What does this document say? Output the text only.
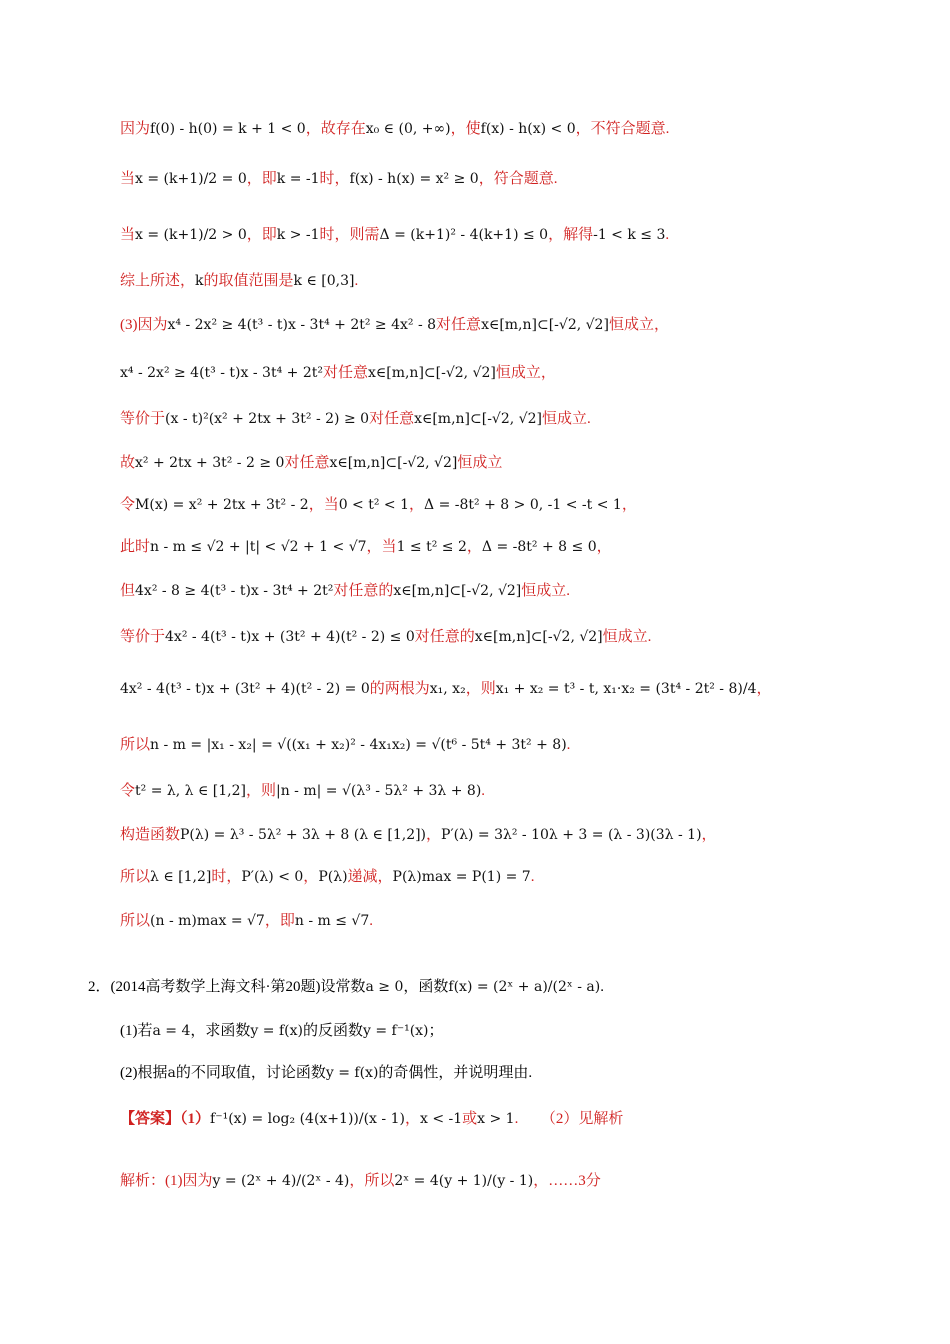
因为f(0) - h(0) = k + 1 < 0，故存在x₀ ∈ (0, +∞)，使f(x) - h(x) < 0，不符合题意.
当x = (k+1)/2 = 0，即k = -1时，f(x) - h(x) = x² ≥ 0，符合题意.
当x = (k+1)/2 > 0，即k > -1时，则需Δ = (k+1)² - 4(k+1) ≤ 0，解得-1 < k ≤ 3.
综上所述，k的取值范围是k ∈ [0,3].
(3)因为x⁴ - 2x² ≥ 4(t³ - t)x - 3t⁴ + 2t² ≥ 4x² - 8对任意x∈[m,n]⊂[-√2, √2]恒成立，
x⁴ - 2x² ≥ 4(t³ - t)x - 3t⁴ + 2t²对任意x∈[m,n]⊂[-√2, √2]恒成立，
等价于(x - t)²(x² + 2tx + 3t² - 2) ≥ 0对任意x∈[m,n]⊂[-√2, √2]恒成立.
故x² + 2tx + 3t² - 2 ≥ 0对任意x∈[m,n]⊂[-√2, √2]恒成立
令M(x) = x² + 2tx + 3t² - 2，当0 < t² < 1，Δ = -8t² + 8 > 0, -1 < -t < 1，
此时n - m ≤ √2 + |t| < √2 + 1 < √7，当1 ≤ t² ≤ 2，Δ = -8t² + 8 ≤ 0，
但4x² - 8 ≥ 4(t³ - t)x - 3t⁴ + 2t²对任意的x∈[m,n]⊂[-√2, √2]恒成立.
等价于4x² - 4(t³ - t)x + (3t² + 4)(t² - 2) ≤ 0对任意的x∈[m,n]⊂[-√2, √2]恒成立.
4x² - 4(t³ - t)x + (3t² + 4)(t² - 2) = 0的两根为x₁, x₂，则x₁ + x₂ = t³ - t, x₁·x₂ = (3t⁴ - 2t² - 8)/4，
所以n - m = |x₁ - x₂| = √((x₁ + x₂)² - 4x₁x₂) = √(t⁶ - 5t⁴ + 3t² + 8).
令t² = λ, λ ∈ [1,2]，则|n - m| = √(λ³ - 5λ² + 3λ + 8).
构造函数P(λ) = λ³ - 5λ² + 3λ + 8 (λ ∈ [1,2])，P′(λ) = 3λ² - 10λ + 3 = (λ - 3)(3λ - 1)，
所以λ ∈ [1,2]时，P′(λ) < 0，P(λ)递减，P(λ)max = P(1) = 7.
所以(n - m)max = √7，即n - m ≤ √7.
2．(2014高考数学上海文科·第20题)设常数a ≥ 0，函数f(x) = (2ˣ + a)/(2ˣ - a).
(1)若a = 4，求函数y = f(x)的反函数y = f⁻¹(x)；
(2)根据a的不同取值，讨论函数y = f(x)的奇偶性，并说明理由.
【答案】（1）f⁻¹(x) = log₂ (4(x+1))/(x - 1)，x < -1或x > 1.　　（2）见解析
解析：(1)因为y = (2ˣ + 4)/(2ˣ - 4)，所以2ˣ = 4(y + 1)/(y - 1)，……3分
